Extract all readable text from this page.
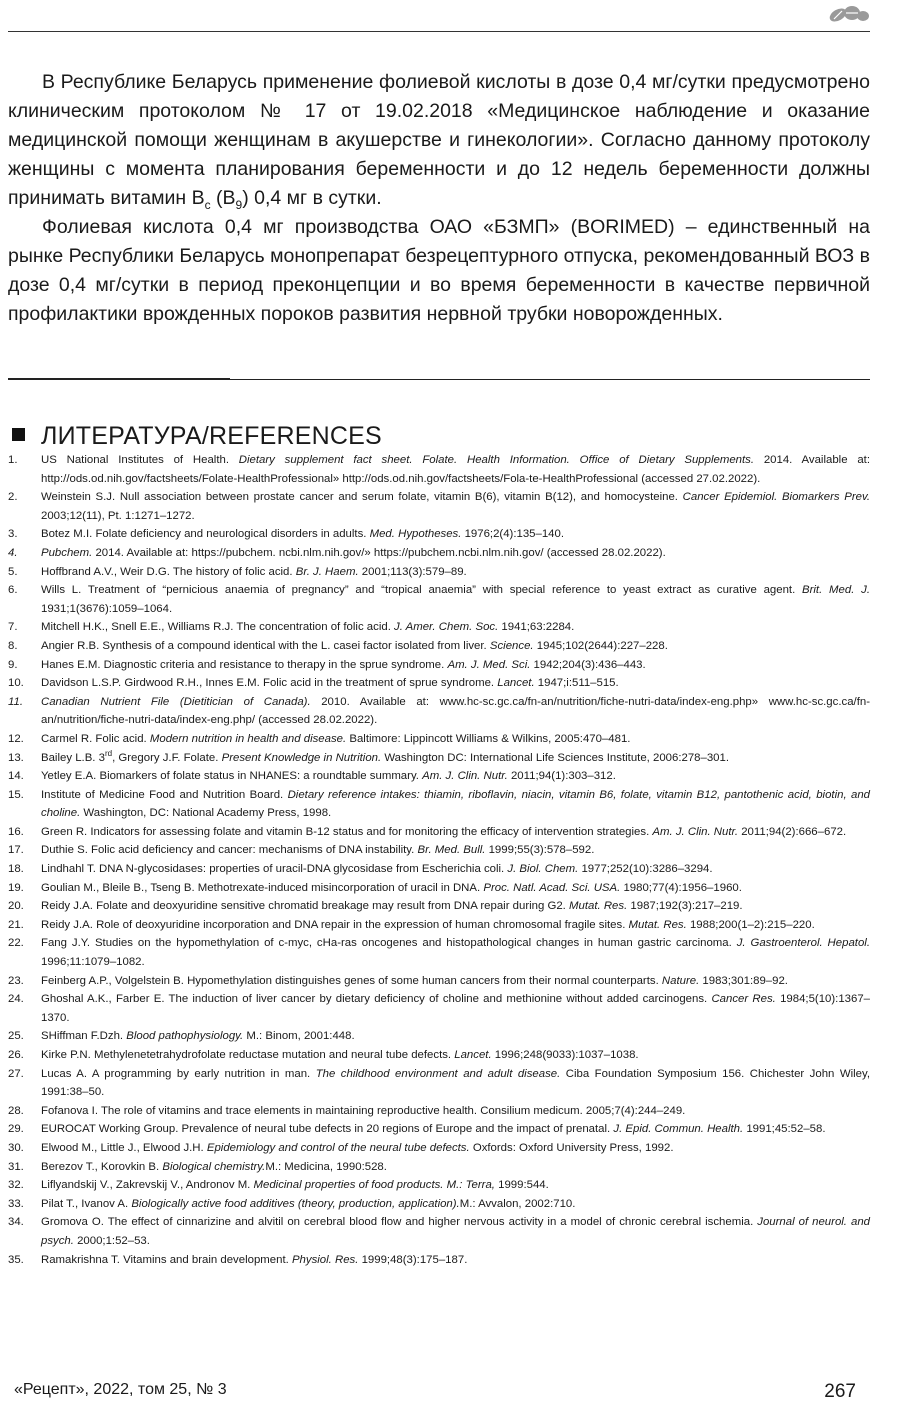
В Республике Беларусь применение фолиевой кислоты в дозе 0,4 мг/сутки предусмотрено клиническим протоколом № 17 от 19.02.2018 «Медицинское наблюдение и оказание медицинской помощи женщинам в акушерстве и гинекологии». Согласно данному протоколу женщины с момента планирования беременности и до 12 недель беременности должны принимать витамин $B_c$ $(B_9)$ 0,4 мг в сутки.

Фолиевая кислота 0,4 мг производства ОАО «БЗМП» (BORIMED) – единственный на рынке Республики Беларусь монопрепарат безрецептурного отпуска, рекомендованный ВОЗ в дозе 0,4 мг/сутки в период преконцепции и во время беременности в качестве первичной профилактики врожденных пороков развития нервной трубки новорожденных.

ЛИТЕРАТУРА/REFERENCES
1. US National Institutes of Health. Dietary supplement fact sheet. Folate. Health Information. Office of Dietary Supplements. 2014. Available at: http://ods.od.nih.gov/factsheets/Folate-HealthProfessional» http://ods.od.nih.gov/factsheets/Fola-te-HealthProfessional (accessed 27.02.2022).
2. Weinstein S.J. Null association between prostate cancer and serum folate, vitamin B(6), vitamin B(12), and homocysteine. Cancer Epidemiol. Biomarkers Prev. 2003;12(11), Pt. 1:1271–1272.
3. Botez M.I. Folate deficiency and neurological disorders in adults. Med. Hypotheses. 1976;2(4):135–140.
4. Pubchem. 2014. Available at: https://pubchem. ncbi.nlm.nih.gov/» https://pubchem.ncbi.nlm.nih.gov/ (accessed 28.02.2022).
5. Hoffbrand A.V., Weir D.G. The history of folic acid. Br. J. Haem. 2001;113(3):579–89.
6. Wills L. Treatment of “pernicious anaemia of pregnancy” and “tropical anaemia” with special reference to yeast extract as curative agent. Brit. Med. J. 1931;1(3676):1059–1064.
7. Mitchell H.K., Snell E.E., Williams R.J. The concentration of folic acid. J. Amer. Chem. Soc. 1941;63:2284.
8. Angier R.B. Synthesis of a compound identical with the L. casei factor isolated from liver. Science. 1945;102(2644):227–228.
9. Hanes E.M. Diagnostic criteria and resistance to therapy in the sprue syndrome. Am. J. Med. Sci. 1942;204(3):436–443.
10. Davidson L.S.P. Girdwood R.H., Innes E.M. Folic acid in the treatment of sprue syndrome. Lancet. 1947;i:511–515.
11. Canadian Nutrient File (Dietitician of Canada). 2010. Available at: www.hc-sc.gc.ca/fn-an/nutrition/fiche-nutri-data/index-eng.php» www.hc-sc.gc.ca/fn-an/nutrition/fiche-nutri-data/index-eng.php/ (accessed 28.02.2022).
12. Carmel R. Folic acid. Modern nutrition in health and disease. Baltimore: Lippincott Williams & Wilkins, 2005:470–481.
13. Bailey L.B. 3rd, Gregory J.F. Folate. Present Knowledge in Nutrition. Washington DC: International Life Sciences Institute, 2006:278–301.
14. Yetley E.A. Biomarkers of folate status in NHANES: a roundtable summary. Am. J. Clin. Nutr. 2011;94(1):303–312.
15. Institute of Medicine Food and Nutrition Board. Dietary reference intakes: thiamin, riboflavin, niacin, vitamin B6, folate, vitamin B12, pantothenic acid, biotin, and choline. Washington, DC: National Academy Press, 1998.
16. Green R. Indicators for assessing folate and vitamin B-12 status and for monitoring the efficacy of intervention strategies. Am. J. Clin. Nutr. 2011;94(2):666–672.
17. Duthie S. Folic acid deficiency and cancer: mechanisms of DNA instability. Br. Med. Bull. 1999;55(3):578–592.
18. Lindhahl T. DNA N-glycosidases: properties of uracil-DNA glycosidase from Escherichia coli. J. Biol. Chem. 1977;252(10):3286–3294.
19. Goulian M., Bleile B., Tseng B. Methotrexate-induced misincorporation of uracil in DNA. Proc. Natl. Acad. Sci. USA. 1980;77(4):1956–1960.
20. Reidy J.A. Folate and deoxyuridine sensitive chromatid breakage may result from DNA repair during G2. Mutat. Res. 1987;192(3):217–219.
21. Reidy J.A. Role of deoxyuridine incorporation and DNA repair in the expression of human chromosomal fragile sites. Mutat. Res. 1988;200(1–2):215–220.
22. Fang J.Y. Studies on the hypomethylation of c-myc, cHa-ras oncogenes and histopathological changes in human gastric carcinoma. J. Gastroenterol. Hepatol. 1996;11:1079–1082.
23. Feinberg A.P., Volgelstein B. Hypomethylation distinguishes genes of some human cancers from their normal counterparts. Nature. 1983;301:89–92.
24. Ghoshal A.K., Farber E. The induction of liver cancer by dietary deficiency of choline and methionine without added carcinogens. Cancer Res. 1984;5(10):1367–1370.
25. SHiffman F.Dzh. Blood pathophysiology. M.: Binom, 2001:448.
26. Kirke P.N. Methylenetetrahydrofolate reductase mutation and neural tube defects. Lancet. 1996;248(9033):1037–1038.
27. Lucas A. A programming by early nutrition in man. The childhood environment and adult disease. Ciba Foundation Symposium 156. Chichester John Wiley, 1991:38–50.
28. Fofanova I. The role of vitamins and trace elements in maintaining reproductive health. Consilium medicum. 2005;7(4):244–249.
29. EUROCAT Working Group. Prevalence of neural tube defects in 20 regions of Europe and the impact of prenatal. J. Epid. Commun. Health. 1991;45:52–58.
30. Elwood M., Little J., Elwood J.H. Epidemiology and control of the neural tube defects. Oxfords: Oxford University Press, 1992.
31. Berezov T., Korovkin B. Biological chemistry.M.: Medicina, 1990:528.
32. Liflyandskij V., Zakrevskij V., Andronov M. Medicinal properties of food products. M.: Terra, 1999:544.
33. Pilat T., Ivanov A. Biologically active food additives (theory, production, application).M.: Avvalon, 2002:710.
34. Gromova O. The effect of cinnarizine and alvitil on cerebral blood flow and higher nervous activity in a model of chronic cerebral ischemia. Journal of neurol. and psych. 2000;1:52–53.
35. Ramakrishna T. Vitamins and brain development. Physiol. Res. 1999;48(3):175–187.
«Рецепт», 2022, том 25, № 3	267
